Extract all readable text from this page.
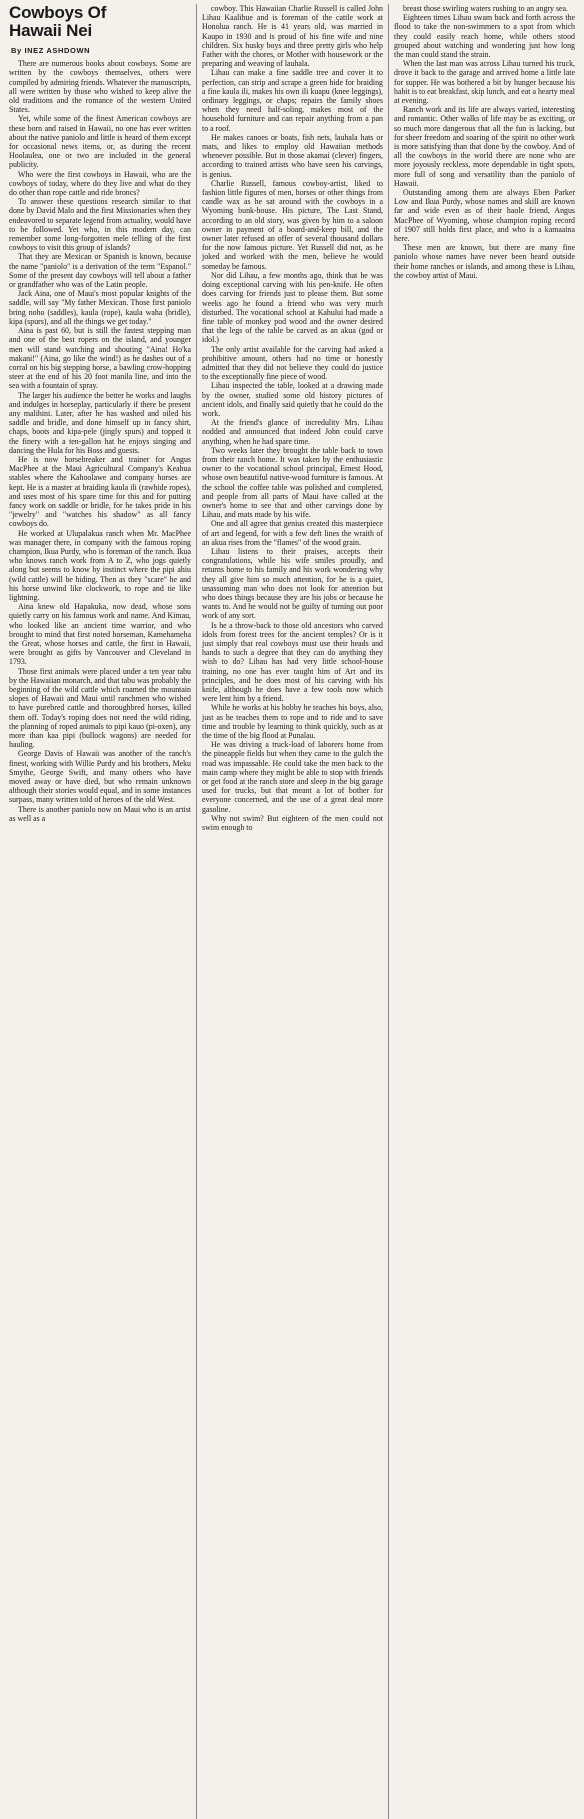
Cowboys Of
Hawaii Nei
By INEZ ASHDOWN

There are numerous books about cowboys. Some are written by the cowboys themselves, others were compiled by admiring friends. Whatever the manuscripts, all were written by those who wished to keep alive the old traditions and the romance of the western United States.

Yet, while some of the finest American cowboys are these born and raised in Hawaii, no one has ever written about the native paniolo and little is heard of them except for occasional news items, or, as during the recent Hoolaulea, one or two are included in the general publicity.

Who were the first cowboys in Hawaii, who are the cowboys of today, where do they live and what do they do other than rope cattle and ride broncs?

To answer these questions research similar to that done by David Malo and the first Missionaries when they endeavored to separate legend from actuality, would have to be followed. Yet who, in this modern day, can remember some long-forgotten mele telling of the first cowboys to visit this group of islands?

That they are Mexican or Spanish is known, because the name "paniolo" is a derivation of the term "Espanol." Some of the present day cowboys will tell about a father or grandfather who was of the Latin people.

Jack Aina, one of Maui's most popular knights of the saddle, will say "My father Mexican. Those first paniolo bring noho (saddles), kaula (rope), kaula waha (bridle), kipa (spurs), and all the things we get today."

Aina is past 60, but is still the fastest stepping man and one of the best ropers on the island, and younger men will stand watching and shouting "Aina! Ho'ka makani!" (Aina, go like the wind!) as he dashes out of a corral on his big stepping horse, a bawling crow-hopping steer at the end of his 20 foot manila line, and into the sea with a fountain of spray.

The larger his audience the better he works and laughs and indulges in horseplay, particularly if there be present any malihini. Later, after he has washed and oiled his saddle and bridle, and done himself up in fancy shirt, chaps, boots and kipa-pele (jingly spurs) and topped it the finery with a ten-gallon hat he enjoys singing and dancing the Hula for his Boss and guests.

He is now horsebreaker and trainer for Angus MacPhee at the Maui Agricultural Company's Keahua stables where the Kahoolawe and company horses are kept. He is a master at braiding kaula ili (rawhide ropes), and uses most of his spare time for this and for putting fancy work on saddle or bridle, for he takes pride in his "jewelry" and "watches his shadow" as all fancy cowboys do.

He worked at Ulupalakua ranch when Mr. MacPhee was manager there, in company with the famous roping champion, Ikua Purdy, who is foreman of the ranch. Ikua who knows ranch work from A to Z, who jogs quietly along but seems to know by instinct where the pipi ahiu (wild cattle) will be hiding. Then as they "scare" he and his horse unwind like clockwork, to rope and tie like lightning.

Aina knew old Hapakuka, now dead, whose sons quietly carry on his famous work and name. And Kimau, who looked like an ancient time warrior, and who brought to mind that first noted horseman, Kamehameha the Great, whose horses and cattle, the first in Hawaii, were brought as gifts by Vancouver and Cleveland in 1793.

Those first animals were placed under a ten year tabu by the Hawaiian monarch, and that tabu was probably the beginning of the wild cattle which roamed the mountain slopes of Hawaii and Maui until ranchmen who wished to have purebred cattle and thoroughbred horses, killed them off. Today's roping does not need the wild riding, the planning of roped animals to pipi kauo (pi-oxen), any more than kaa pipi (bullock wagons) are needed for hauling.

George Davis of Hawaii was another of the ranch's finest, working with Willie Purdy and his brothers, Meku Smythe, George Swift, and many others who have moved away or have died, but who remain unknown although their stories would equal, and in some instances surpass, many written told of heroes of the old West.

There is another paniolo now on Maui who is an artist as well as a

cowboy. This Hawaiian Charlie Russell is called John Lihau Kaalihue and is foreman of the cattle work at Honolua ranch. He is 41 years old, was married in Kaupo in 1930 and is proud of his fine wife and nine children. Six husky boys and three pretty girls who help Father with the chores, or Mother with housework or the preparing and weaving of lauhala.

Lihau can make a fine saddle tree and cover it to perfection, can strip and scrape a green hide for braiding a fine kaula ili, makes his own ili kuapu (knee leggings), ordinary leggings, or chaps; repairs the family shoes when they need half-soling, makes most of the household furniture and can repair anything from a pan to a roof.

He makes canoes or boats, fish nets, lauhala hats or mats, and likes to employ old Hawaiian methods whenever possible. But in those akamai (clever) fingers, according to trained artists who have seen his carvings, is genius.

Charlie Russell, famous cowboy-artist, liked to fashion little figures of men, horses or other things from candle wax as he sat around with the cowboys in a Wyoming bunk-house. His picture, The Last Stand, according to an old story, was given by him to a saloon owner in payment of a board-and-keep bill, and the owner later refused an offer of several thousand dollars for the now famous picture. Yet Russell did not, as he joked and worked with the men, believe he would someday be famous.

Nor did Lihau, a few months ago, think that he was doing exceptional carving with his pen-knife. He often does carving for friends just to please them. But some weeks ago he found a friend who was very much disturbed. The vocational school at Kahului had made a fine table of monkey pod wood and the owner desired that the legs of the table be carved as an akua (god or idol.)

The only artist available for the carving had asked a prohibitive amount, others had no time or honestly admitted that they did not believe they could do justice to the exceptionally fine piece of wood.

Lihau inspected the table, looked at a drawing made by the owner, studied some old history pictures of ancient idols, and finally said quietly that he could do the work.

At the friend's glance of incredulity Mrs. Lihau nodded and announced that indeed John could carve anything, when he had spare time.

Two weeks later they brought the table back to town from their ranch home. It was taken by the enthusiastic owner to the vocational school principal, Ernest Hood, whose own beautiful native-wood furniture is famous. At the school the coffee table was polished and completed, and people from all parts of Maui have called at the owner's home to see that and other carvings done by Lihau, and mats made by his wife.

One and all agree that genius created this masterpiece of art and legend, for with a few deft lines the wraith of an akua rises from the "flames" of the wood grain.

Lihau listens to their praises, accepts their congratulations, while his wife smiles proudly, and returns home to his family and his work wondering why they all give him so much attention, for he is a quiet, unassuming man who does not look for attention but who does things because they are his jobs or because he wants to. And he would not be guilty of turning out poor work of any sort.

Is he a throw-back to those old ancestors who carved idols from forest trees for the ancient temples? Or is it just simply that real cowboys must use their heads and hands to such a degree that they can do anything they wish to do? Lihau has had very little school-house training, no one has ever taught him of Art and its principles, and he does most of his carving with his knife, although he does have a few tools now which were lent him by a friend.

While he works at his hobby he teaches his boys, also, just as he teaches them to rope and to ride and to save time and trouble by learning to think quickly, such as at the time of the big flood at Punalau.

He was driving a truck-load of laborers home from the pineapple fields but when they came to the gulch the road was impassable. He could take the men back to the main camp where they might be able to stop with friends or get food at the ranch store and sleep in the big garage used for trucks, but that meant a lot of bother for everyone concerned, and the use of a great deal more gasoline.

Why not swim? But eighteen of the men could not swim enough to

breast those swirling waters rushing to an angry sea.

Eighteen times Lihau swam back and forth across the flood to take the non-swimmers to a spot from which they could easily reach home, while others stood grouped about watching and wondering just how long the man could stand the strain.

When the last man was across Lihau turned his truck, drove it back to the garage and arrived home a little late for supper. He was bothered a bit by hunger because his habit is to eat breakfast, skip lunch, and eat a hearty meal at evening.

Ranch work and its life are always varied, interesting and romantic. Other walks of life may be as exciting, or so much more dangerous that all the fun is lacking, but for sheer freedom and soaring of the spirit no other work is more satisfying than that done by the cowboy. And of all the cowboys in the world there are none who are more joyously reckless, more dependable in tight spots, more full of song and versatility than the paniolo of Hawaii.

Outstanding among them are always Eben Parker Low and Ikua Purdy, whose names and skill are known far and wide even as of their haole friend, Angus MacPhee of Wyoming, whose champion roping record of 1907 still holds first place, and who is a kamaaina here.

These men are known, but there are many fine paniolo whose names have never been heard outside their home ranches or islands, and among these is Lihau, the cowboy artist of Maui.
